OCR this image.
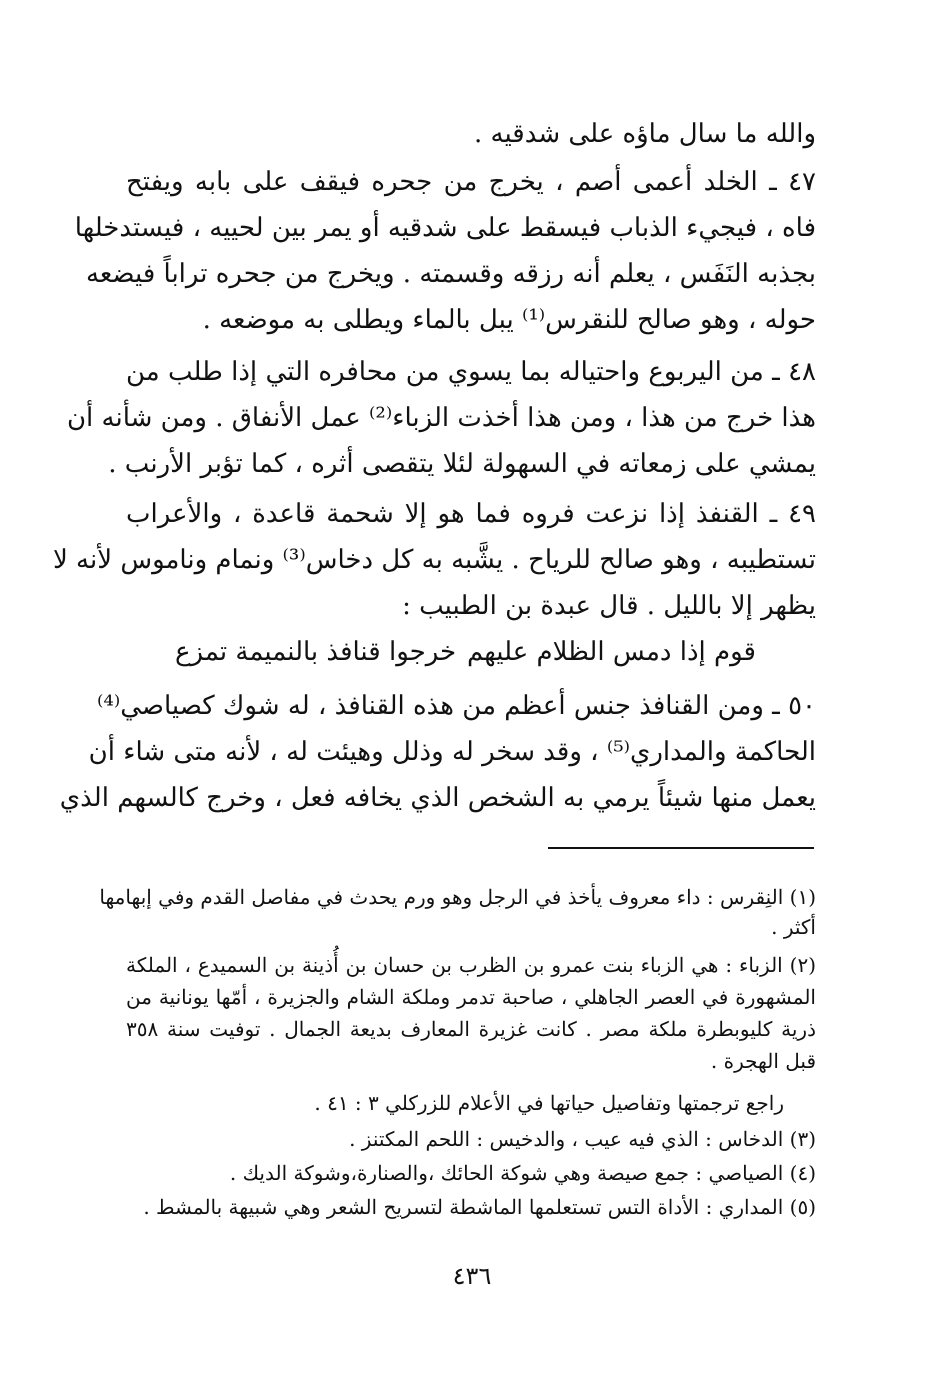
والله ما سال ماؤه على شدقيه .
٤٧ ـ الخلد أعمى أصم ، يخرج من جحره فيقف على بابه ويفتح
فاه ، فيجيء الذباب فيسقط على شدقيه أو يمر بين لحييه ، فيستدخلها
بجذبه النَفَس ، يعلم أنه رزقه وقسمته . ويخرج من جحره تراباً فيضعه
حوله ، وهو صالح للنقرس⁽¹⁾ يبل بالماء ويطلى به موضعه .
٤٨ ـ من اليربوع واحتياله بما يسوي من محافره التي إذا طلب من
هذا خرج من هذا ، ومن هذا أخذت الزباء⁽²⁾ عمل الأنفاق . ومن شأنه أن
يمشي على زمعاته في السهولة لئلا يتقصى أثره ، كما تؤبر الأرنب .
٤٩ ـ القنفذ إذا نزعت فروه فما هو إلا شحمة قاعدة ، والأعراب
تستطيبه ، وهو صالح للرياح . يشَّبه به كل دخاس⁽³⁾ ونمام وناموس لأنه لا
يظهر إلا بالليل . قال عبدة بن الطبيب :
قوم إذا دمس الظلام عليهم
خرجوا قنافذ بالنميمة تمزع
٥٠ ـ ومن القنافذ جنس أعظم من هذه القنافذ ، له شوك كصياصي⁽⁴⁾
الحاكمة والمداري⁽⁵⁾ ، وقد سخر له وذلل وهيئت له ، لأنه متى شاء أن
يعمل منها شيئاً يرمي به الشخص الذي يخافه فعل ، وخرج كالسهم الذي
(١) النِقرس : داء معروف يأخذ في الرجل وهو ورم يحدث في مفاصل القدم وفي إبهامها
أكثر .
(٢) الزباء : هي الزباء بنت عمرو بن الظرب بن حسان بن أُذينة بن السميدع ، الملكة
المشهورة في العصر الجاهلي ، صاحبة تدمر وملكة الشام والجزيرة ، أمّها يونانية من
ذرية كليوبطرة ملكة مصر . كانت غزيرة المعارف بديعة الجمال . توفيت سنة ٣٥٨
قبل الهجرة .
راجع ترجمتها وتفاصيل حياتها في الأعلام للزركلي ٣ : ٤١ .
(٣) الدخاس : الذي فيه عيب ، والدخيس : اللحم المكتنز .
(٤) الصياصي : جمع صيصة وهي شوكة الحائك ،والصنارة،وشوكة الديك .
(٥) المداري : الأداة التس تستعلمها الماشطة لتسريح الشعر وهي شبيهة بالمشط .
٤٣٦
